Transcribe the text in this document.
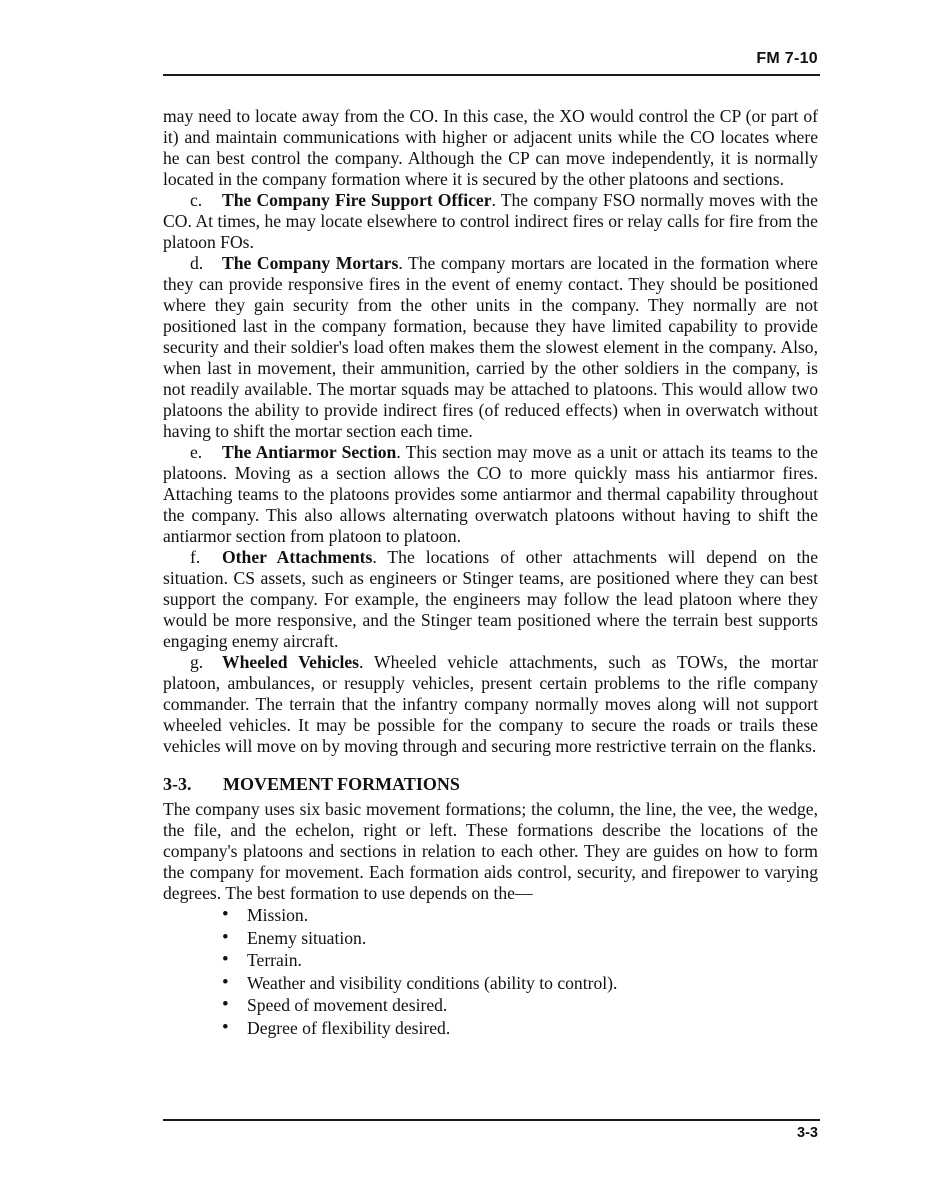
FM 7-10

may need to locate away from the CO. In this case, the XO would control the CP (or part of it) and maintain communications with higher or adjacent units while the CO locates where he can best control the company. Although the CP can move independently, it is normally located in the company formation where it is secured by the other platoons and sections.

c. The Company Fire Support Officer. The company FSO normally moves with the CO. At times, he may locate elsewhere to control indirect fires or relay calls for fire from the platoon FOs.

d. The Company Mortars. The company mortars are located in the formation where they can provide responsive fires in the event of enemy contact. They should be positioned where they gain security from the other units in the company. They normally are not positioned last in the company formation, because they have limited capability to provide security and their soldier's load often makes them the slowest element in the company. Also, when last in movement, their ammunition, carried by the other soldiers in the company, is not readily available. The mortar squads may be attached to platoons. This would allow two platoons the ability to provide indirect fires (of reduced effects) when in overwatch without having to shift the mortar section each time.

e. The Antiarmor Section. This section may move as a unit or attach its teams to the platoons. Moving as a section allows the CO to more quickly mass his antiarmor fires. Attaching teams to the platoons provides some antiarmor and thermal capability throughout the company. This also allows alternating overwatch platoons without having to shift the antiarmor section from platoon to platoon.

f. Other Attachments. The locations of other attachments will depend on the situation. CS assets, such as engineers or Stinger teams, are positioned where they can best support the company. For example, the engineers may follow the lead platoon where they would be more responsive, and the Stinger team positioned where the terrain best supports engaging enemy aircraft.

g. Wheeled Vehicles. Wheeled vehicle attachments, such as TOWs, the mortar platoon, ambulances, or resupply vehicles, present certain problems to the rifle company commander. The terrain that the infantry company normally moves along will not support wheeled vehicles. It may be possible for the company to secure the roads or trails these vehicles will move on by moving through and securing more restrictive terrain on the flanks.

3-3. MOVEMENT FORMATIONS

The company uses six basic movement formations; the column, the line, the vee, the wedge, the file, and the echelon, right or left. These formations describe the locations of the company's platoons and sections in relation to each other. They are guides on how to form the company for movement. Each formation aids control, security, and firepower to varying degrees. The best formation to use depends on the—

• Mission.
• Enemy situation.
• Terrain.
• Weather and visibility conditions (ability to control).
• Speed of movement desired.
• Degree of flexibility desired.
3-3
